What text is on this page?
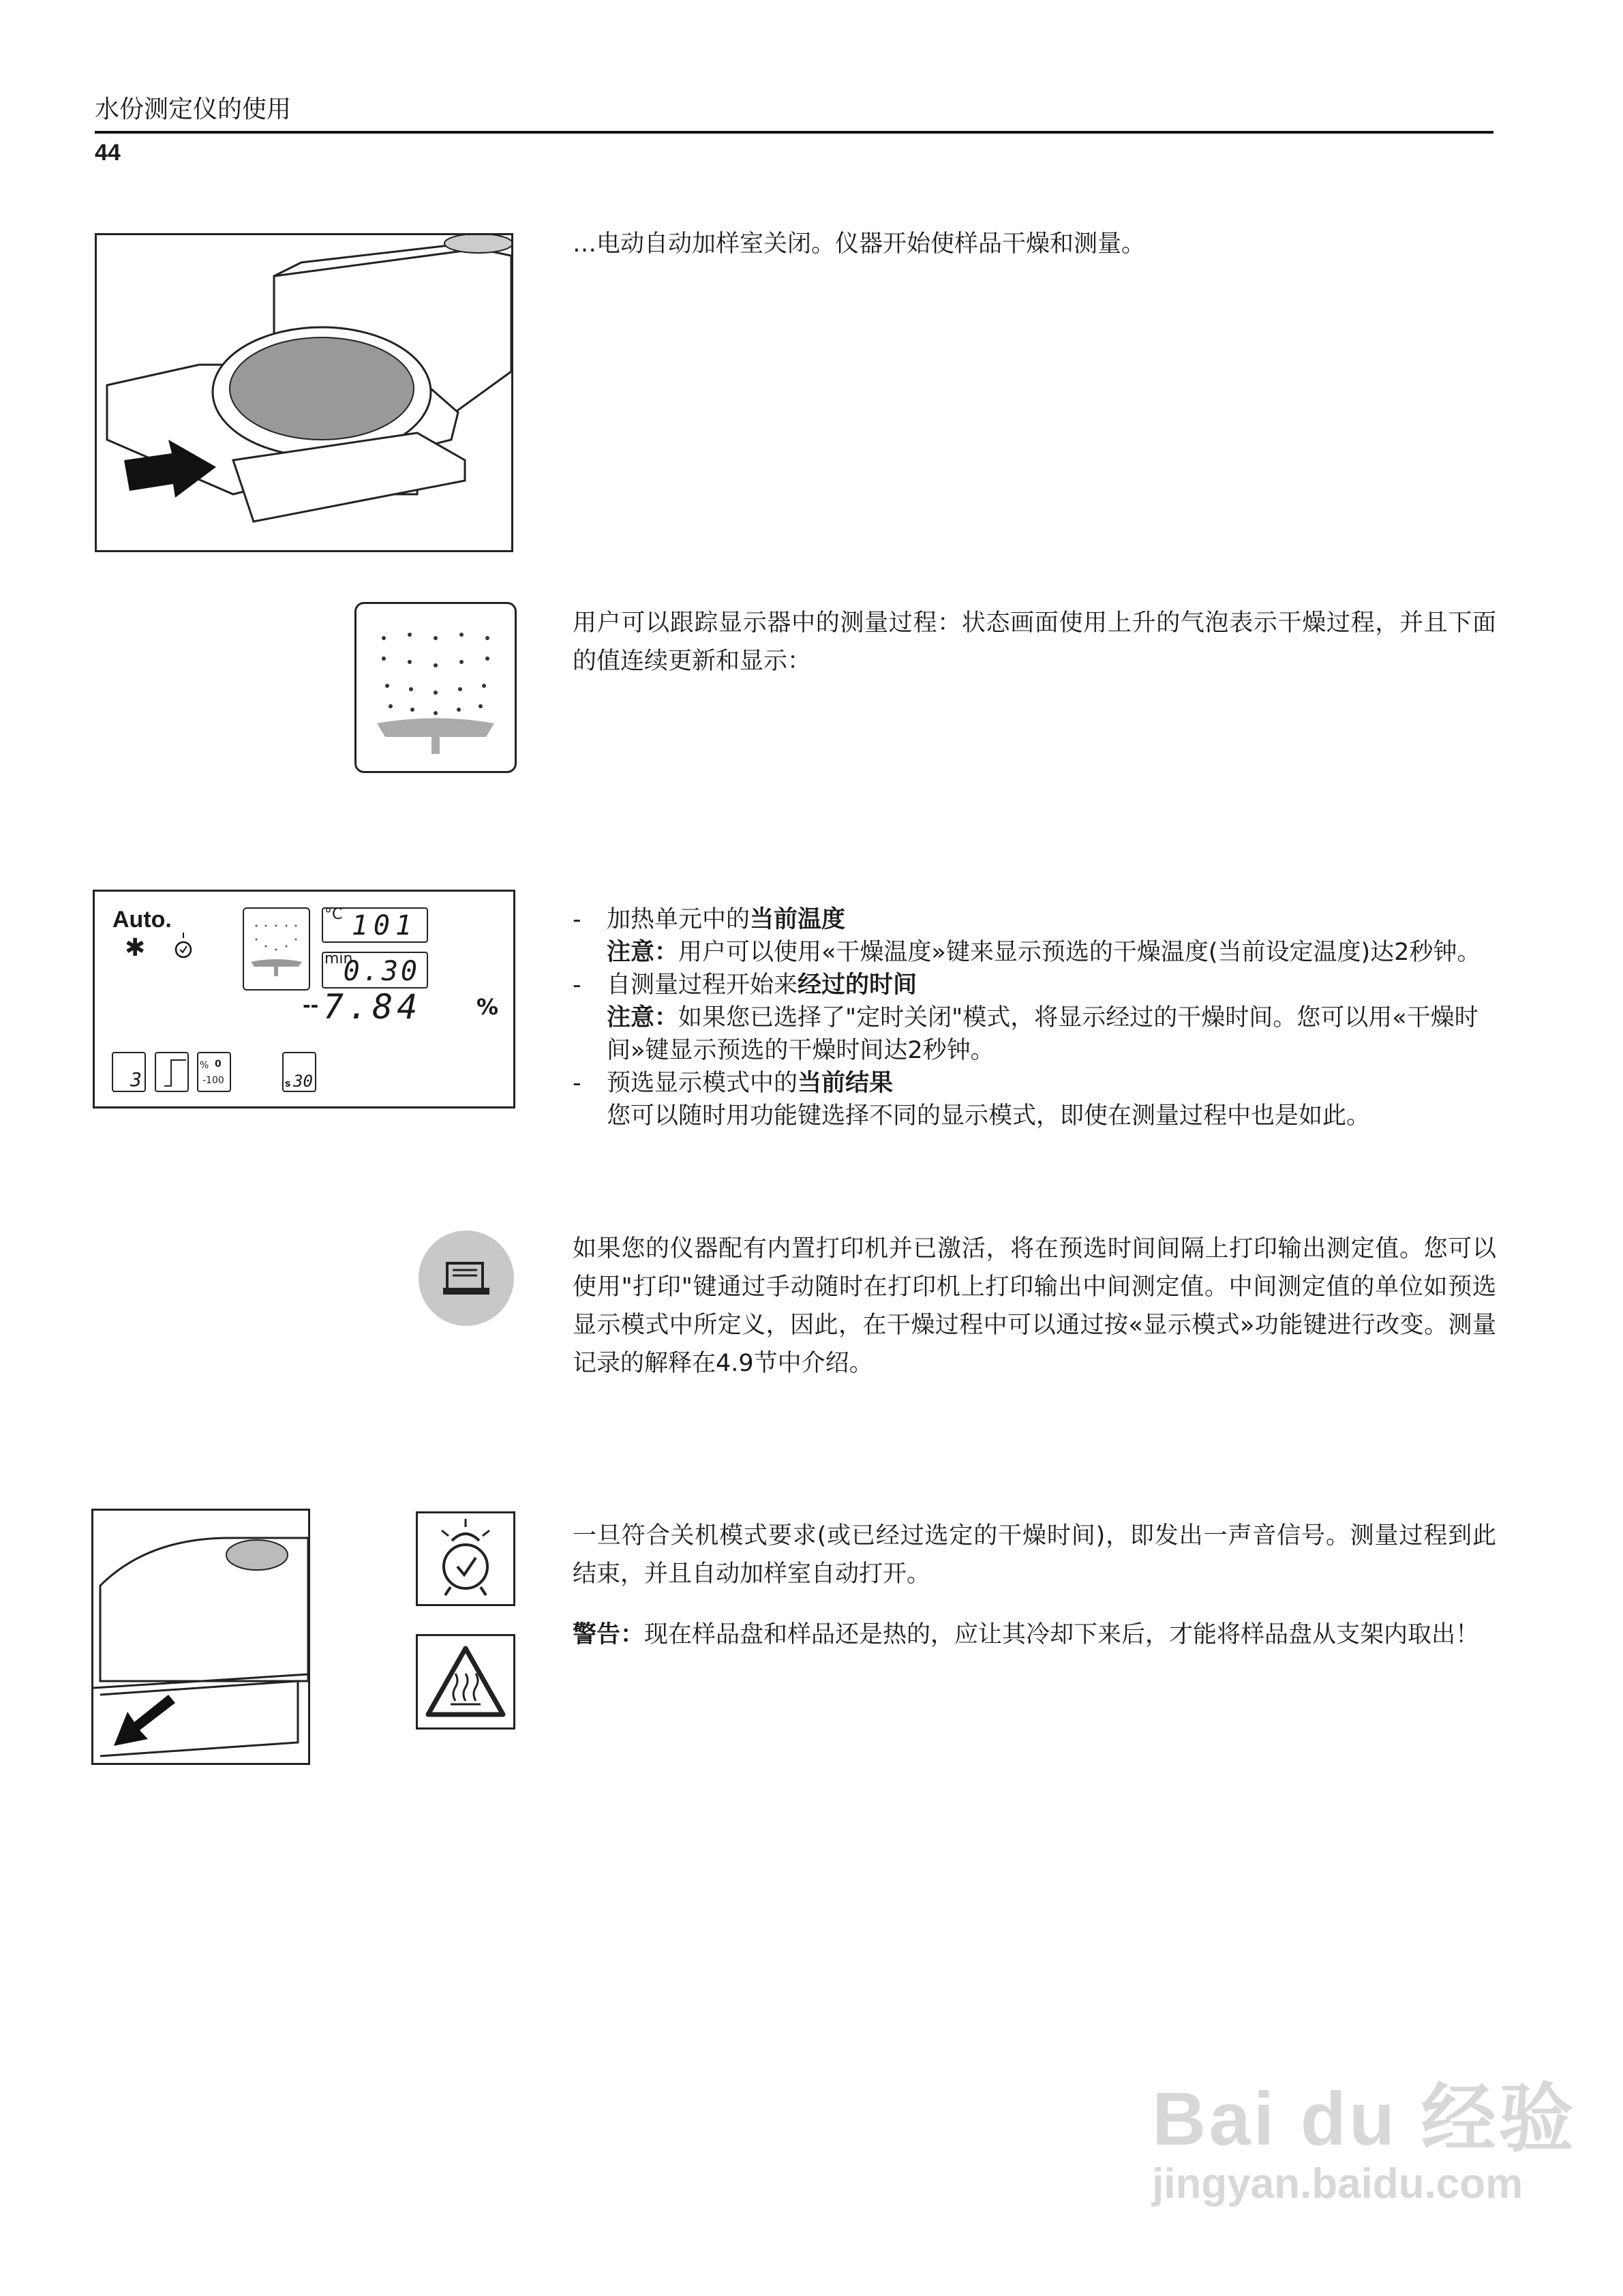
水份测定仪的使用
44
…电动自动加样室关闭。仪器开始使样品干燥和测量。
用户可以跟踪显示器中的测量过程：状态画面使用上升的气泡表示干燥过程，并且下面的值连续更新和显示：
Auto.
✱
°C 101
min
0.30
-- 7.84	%
3
% 0
-100	s 30
- 加热单元中的当前温度
注意：用户可以使用«干燥温度»键来显示预选的干燥温度(当前设定温度)达2秒钟。
- 自测量过程开始来经过的时间
注意：如果您已选择了"定时关闭"模式，将显示经过的干燥时间。您可以用«干燥时间»键显示预选的干燥时间达2秒钟。
- 预选显示模式中的当前结果
您可以随时用功能键选择不同的显示模式，即使在测量过程中也是如此。
如果您的仪器配有内置打印机并已激活，将在预选时间间隔上打印输出测定值。您可以使用"打印"键通过手动随时在打印机上打印输出中间测定值。中间测定值的单位如预选显示模式中所定义，因此，在干燥过程中可以通过按«显示模式»功能键进行改变。测量记录的解释在4.9节中介绍。
一旦符合关机模式要求(或已经过选定的干燥时间)，即发出一声音信号。测量过程到此结束，并且自动加样室自动打开。
警告：现在样品盘和样品还是热的，应让其冷却下来后，才能将样品盘从支架内取出！
Bai du 经验
jingyan.baidu.com
